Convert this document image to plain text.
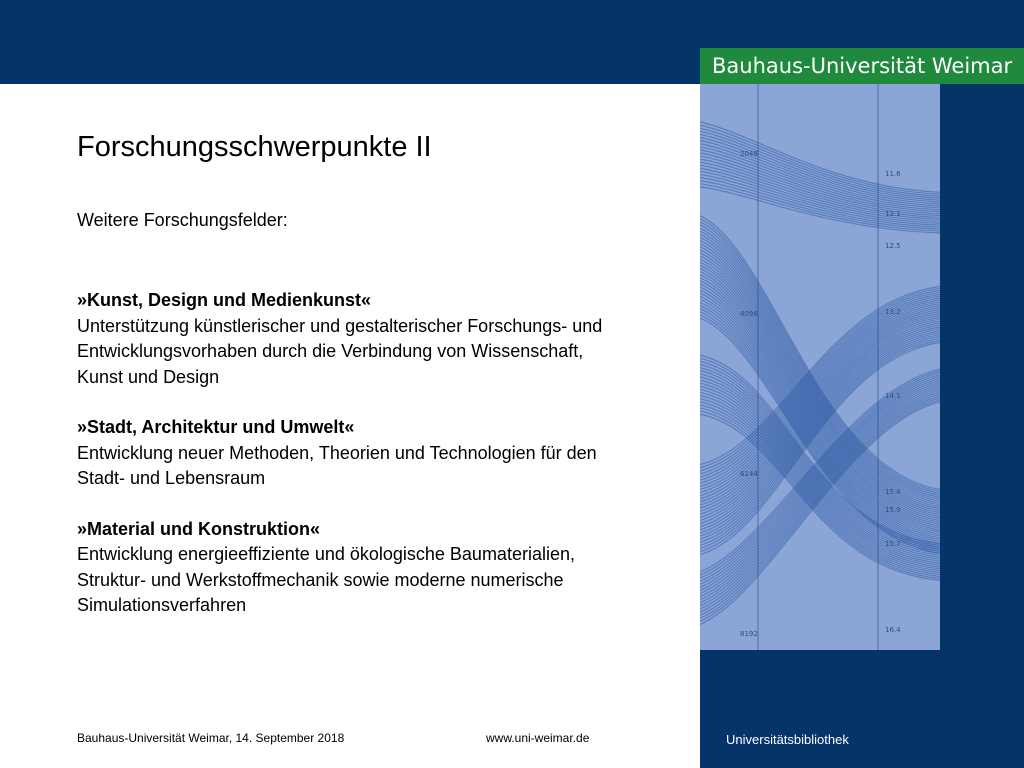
Bauhaus-Universität Weimar
2048
4096
6144
8192
11.6
12.1
12.5
13.2
14.1
15.4
15.9
15.7
16.4
Forschungsschwerpunkte II
Weitere Forschungsfelder:
»Kunst, Design und Medienkunst«
Unterstützung künstlerischer und gestalterischer Forschungs- und
Entwicklungsvorhaben durch die Verbindung von Wissenschaft,
Kunst und Design
»Stadt, Architektur und Umwelt«
Entwicklung neuer Methoden, Theorien und Technologien für den
Stadt- und Lebensraum
»Material und Konstruktion«
Entwicklung energieeffiziente und ökologische Baumaterialien,
Struktur- und Werkstoffmechanik sowie moderne numerische
Simulationsverfahren
Bauhaus-Universität Weimar, 14. September 2018	www.uni-weimar.de	Universitätsbibliothek
